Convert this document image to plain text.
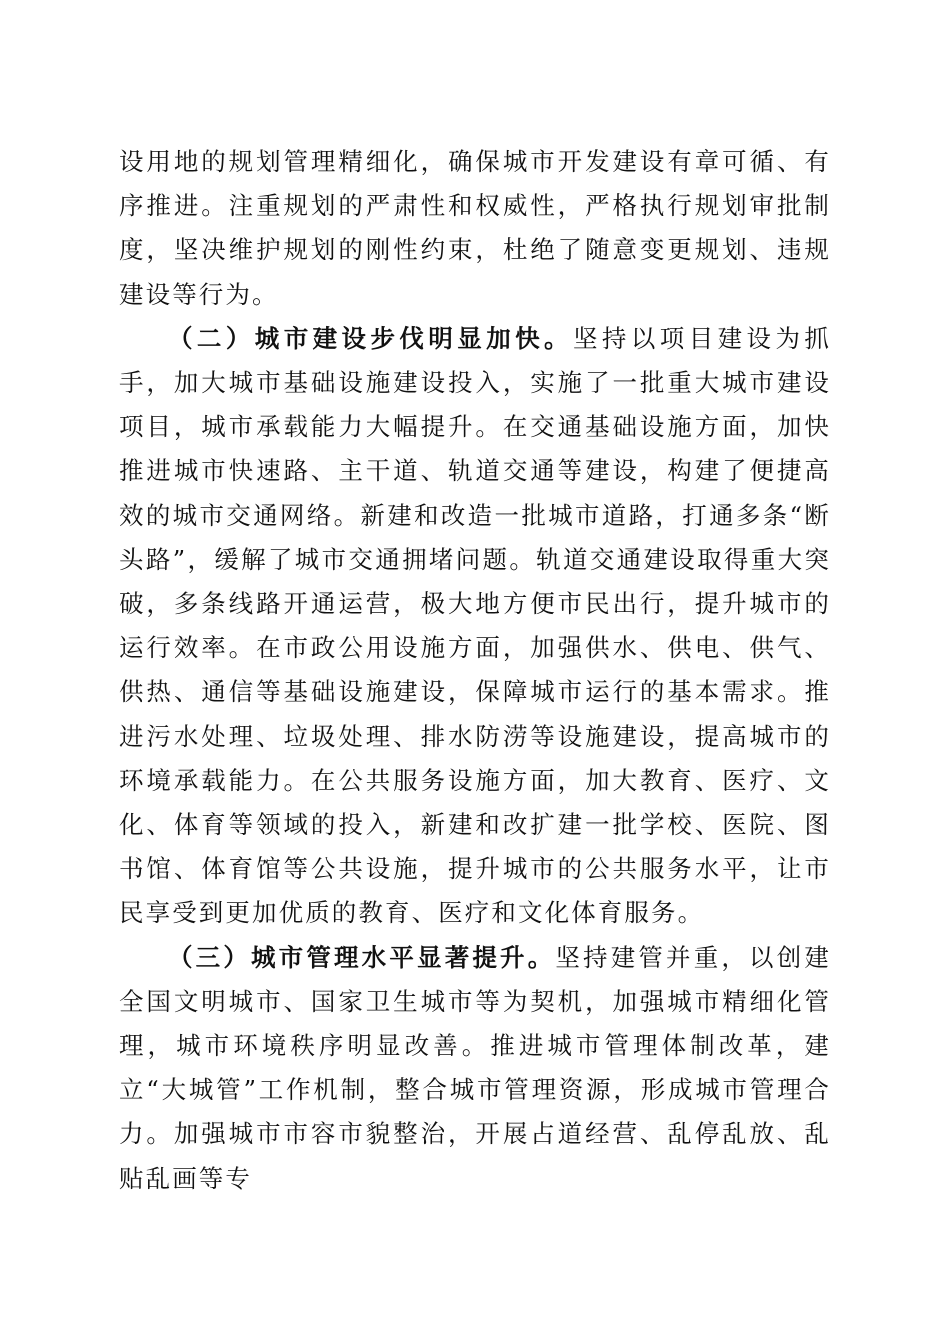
设用地的规划管理精细化，确保城市开发建设有章可循、有序推进。注重规划的严肃性和权威性，严格执行规划审批制度，坚决维护规划的刚性约束，杜绝了随意变更规划、违规建设等行为。

（二）城市建设步伐明显加快。坚持以项目建设为抓手，加大城市基础设施建设投入，实施了一批重大城市建设项目，城市承载能力大幅提升。在交通基础设施方面，加快推进城市快速路、主干道、轨道交通等建设，构建了便捷高效的城市交通网络。新建和改造一批城市道路，打通多条“断头路”，缓解了城市交通拥堵问题。轨道交通建设取得重大突破，多条线路开通运营，极大地方便市民出行，提升城市的运行效率。在市政公用设施方面，加强供水、供电、供气、供热、通信等基础设施建设，保障城市运行的基本需求。推进污水处理、垃圾处理、排水防涝等设施建设，提高城市的环境承载能力。在公共服务设施方面，加大教育、医疗、文化、体育等领域的投入，新建和改扩建一批学校、医院、图书馆、体育馆等公共设施，提升城市的公共服务水平，让市民享受到更加优质的教育、医疗和文化体育服务。

（三）城市管理水平显著提升。坚持建管并重，以创建全国文明城市、国家卫生城市等为契机，加强城市精细化管理，城市环境秩序明显改善。推进城市管理体制改革，建立“大城管”工作机制，整合城市管理资源，形成城市管理合力。加强城市市容市貌整治，开展占道经营、乱停乱放、乱贴乱画等专
